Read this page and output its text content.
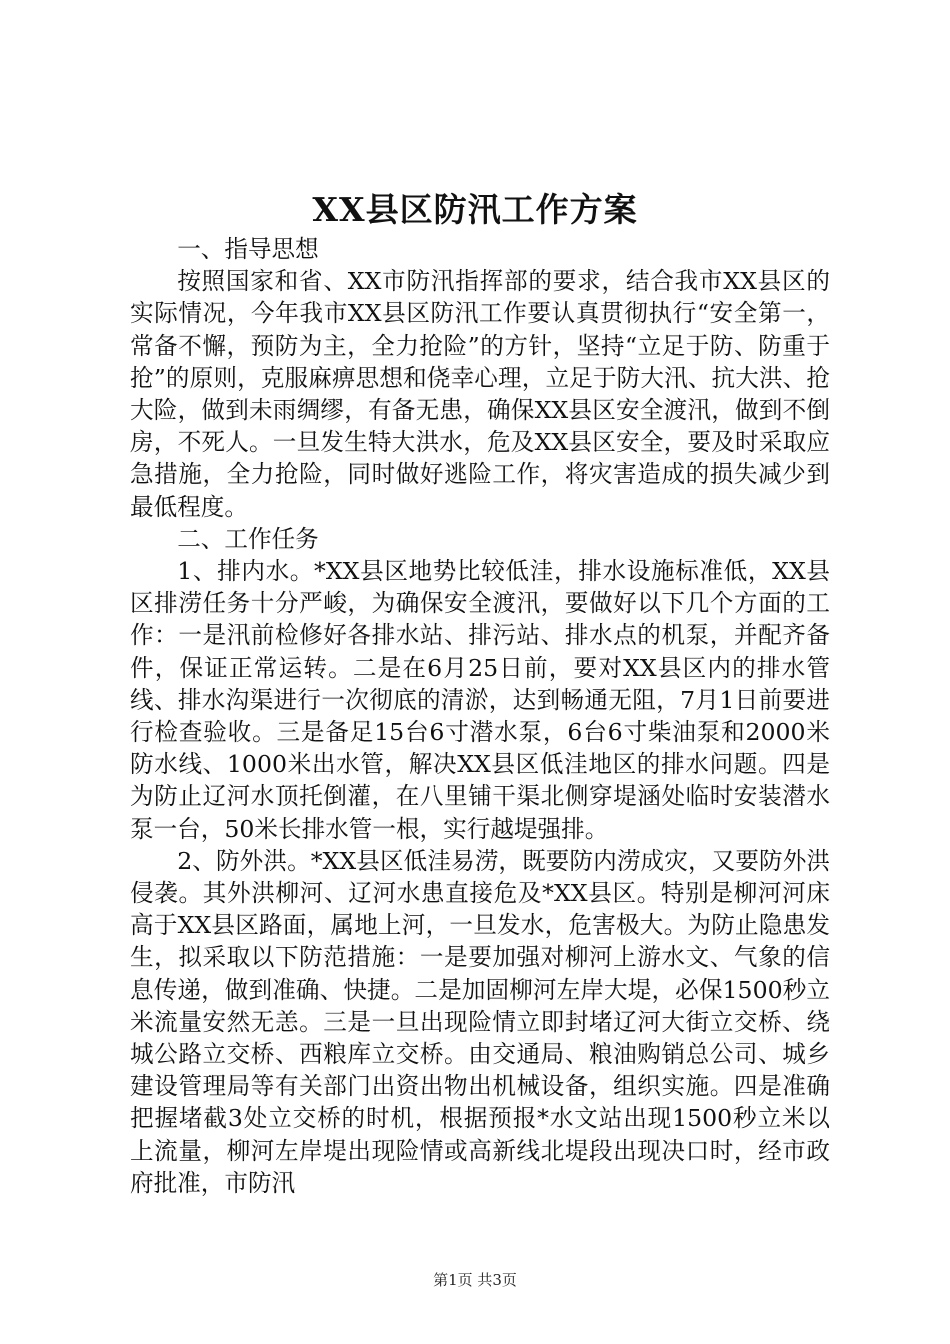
XX县区防汛工作方案

一、指导思想

按照国家和省、XX市防汛指挥部的要求，结合我市XX县区的实际情况，今年我市XX县区防汛工作要认真贯彻执行“安全第一，常备不懈，预防为主，全力抢险”的方针，坚持“立足于防、防重于抢”的原则，克服麻痹思想和侥幸心理，立足于防大汛、抗大洪、抢大险，做到未雨绸缪，有备无患，确保XX县区安全渡汛，做到不倒房，不死人。一旦发生特大洪水，危及XX县区安全，要及时采取应急措施，全力抢险，同时做好逃险工作，将灾害造成的损失减少到最低程度。

二、工作任务

1、排内水。*XX县区地势比较低洼，排水设施标准低，XX县区排涝任务十分严峻，为确保安全渡汛，要做好以下几个方面的工作：一是汛前检修好各排水站、排污站、排水点的机泵，并配齐备件，保证正常运转。二是在6月25日前，要对XX县区内的排水管线、排水沟渠进行一次彻底的清淤，达到畅通无阻，7月1日前要进行检查验收。三是备足15台6寸潜水泵，6台6寸柴油泵和2000米防水线、1000米出水管，解决XX县区低洼地区的排水问题。四是为防止辽河水顶托倒灌，在八里铺干渠北侧穿堤涵处临时安装潜水泵一台，50米长排水管一根，实行越堤强排。

2、防外洪。*XX县区低洼易涝，既要防内涝成灾，又要防外洪侵袭。其外洪柳河、辽河水患直接危及*XX县区。特别是柳河河床高于XX县区路面，属地上河，一旦发水，危害极大。为防止隐患发生，拟采取以下防范措施：一是要加强对柳河上游水文、气象的信息传递，做到准确、快捷。二是加固柳河左岸大堤，必保1500秒立米流量安然无恙。三是一旦出现险情立即封堵辽河大街立交桥、绕城公路立交桥、西粮库立交桥。由交通局、粮油购销总公司、城乡建设管理局等有关部门出资出物出机械设备，组织实施。四是准确把握堵截3处立交桥的时机，根据预报*水文站出现1500秒立米以上流量，柳河左岸堤出现险情或高新线北堤段出现决口时，经市政府批准，市防汛

第1页 共3页
